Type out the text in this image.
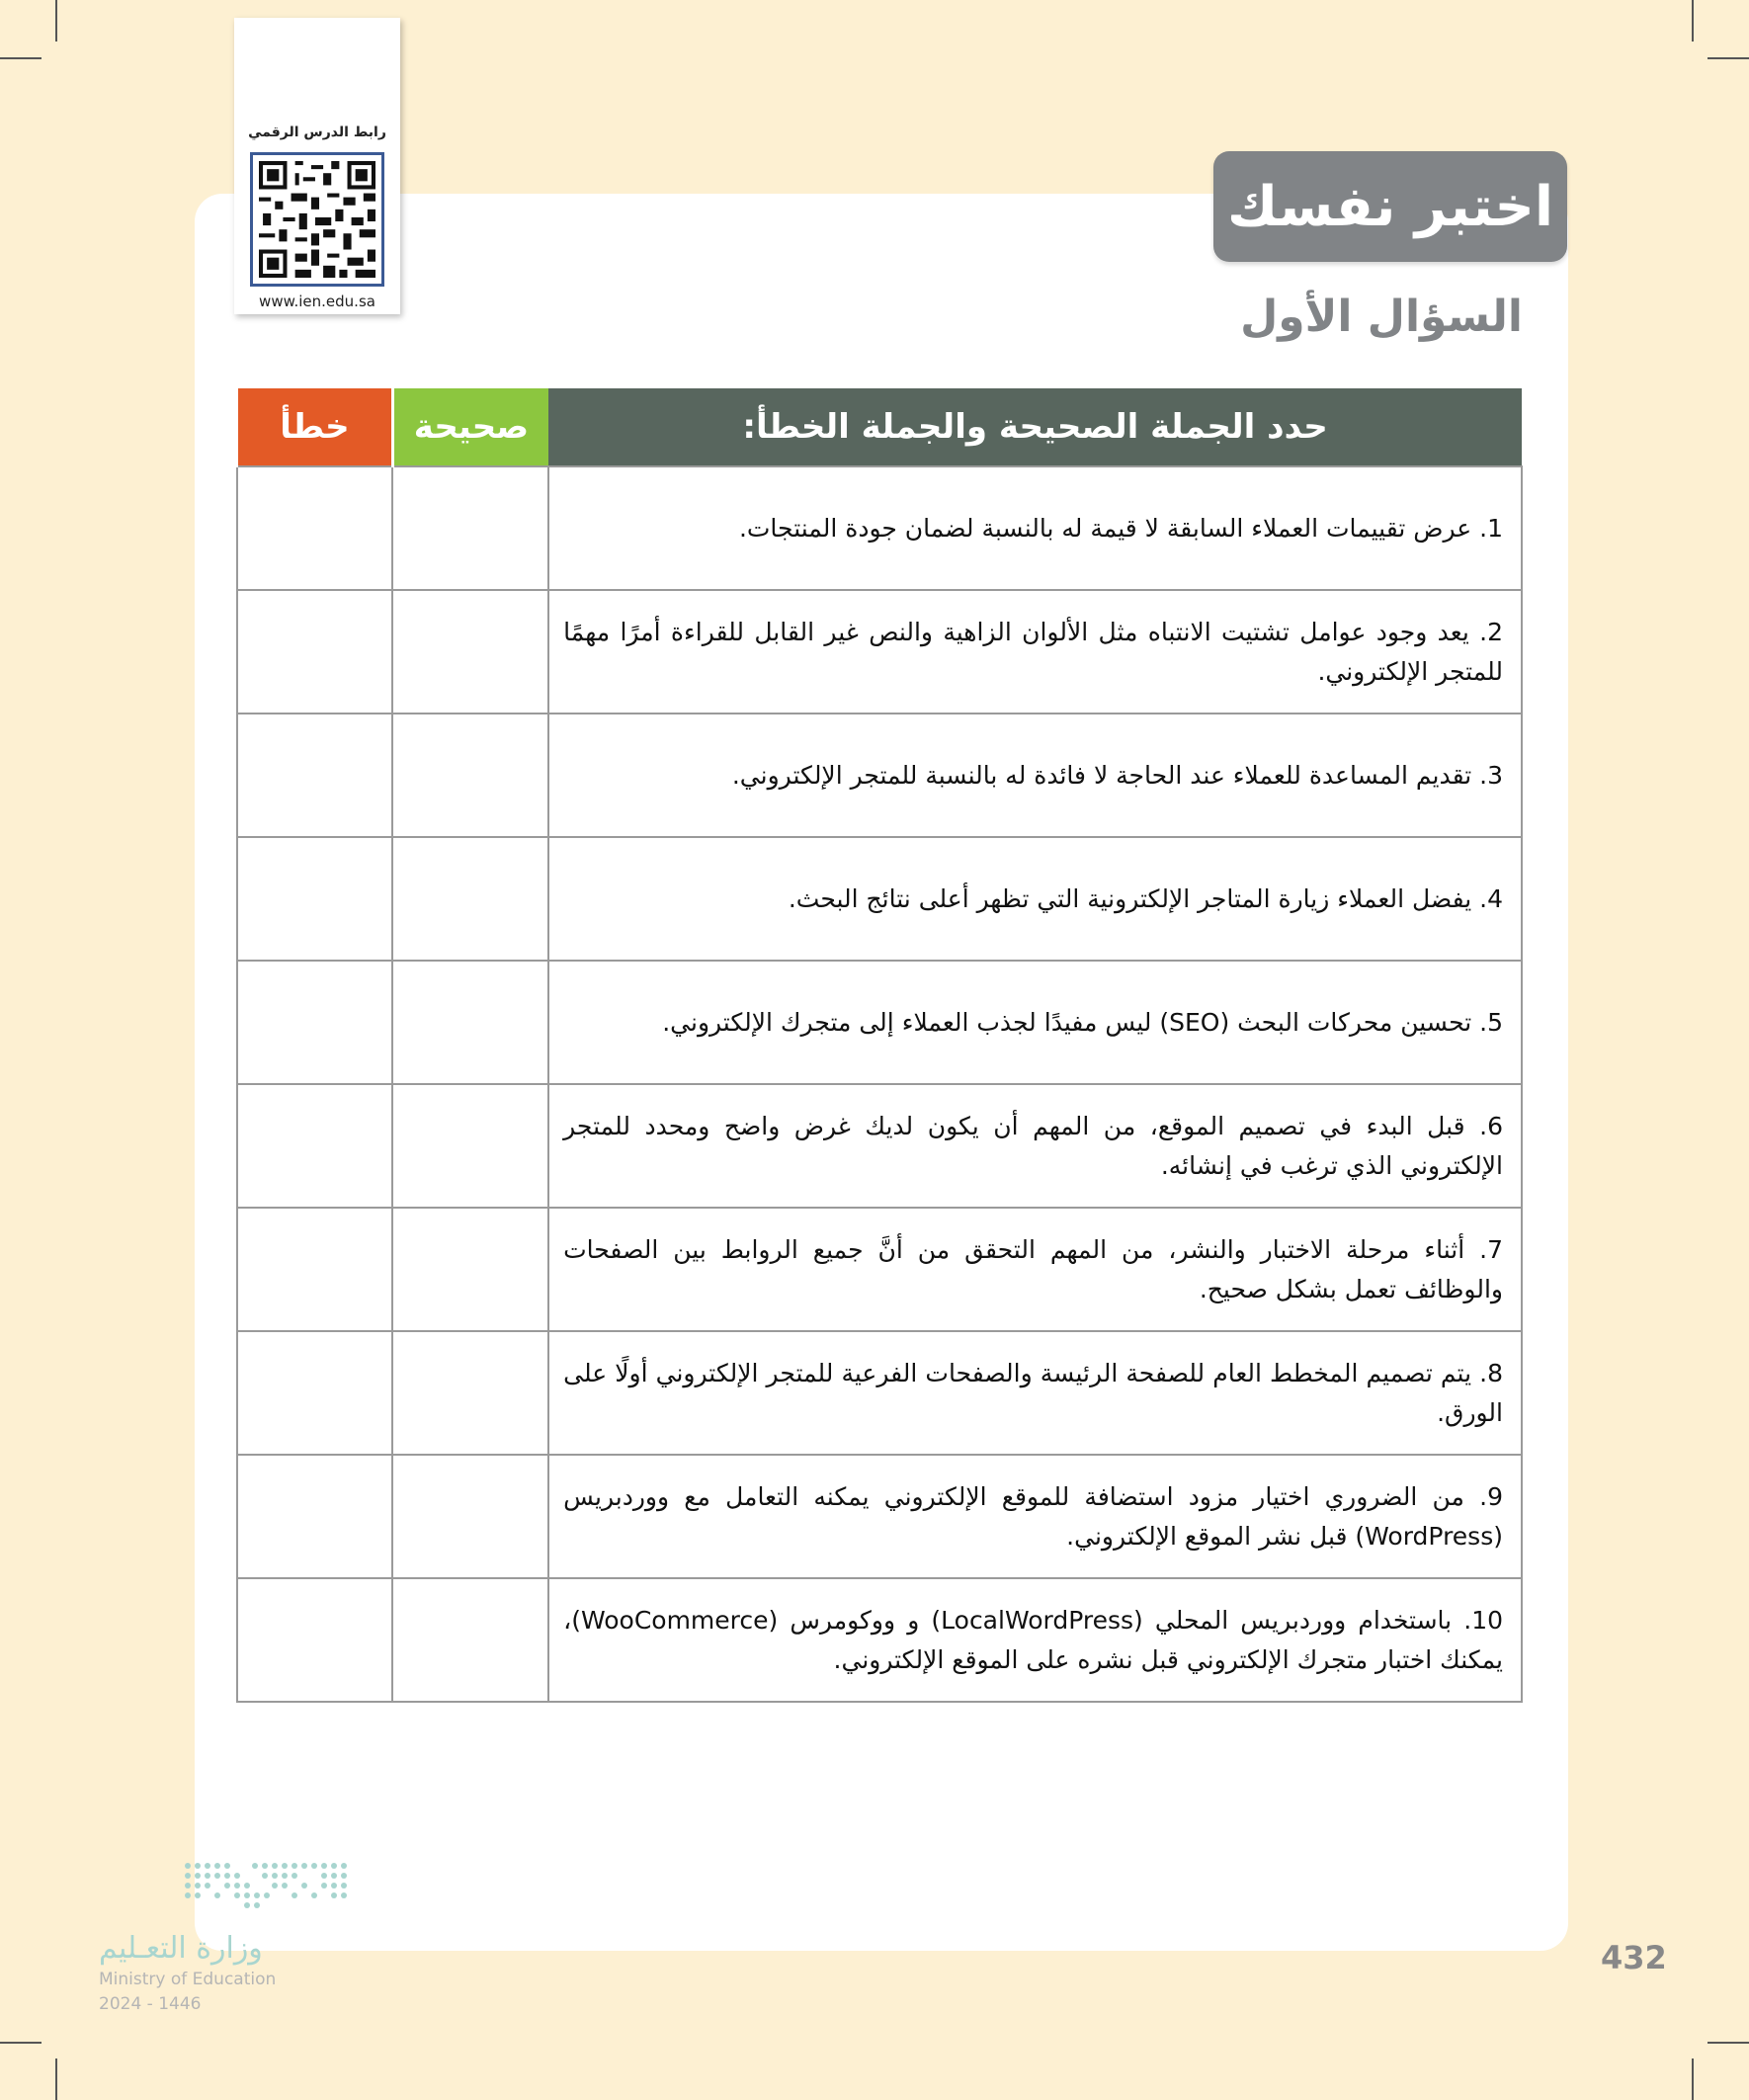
رابط الدرس الرقمي
www.ien.edu.sa
اختبر نفسك
السؤال الأول
حدد الجملة الصحيحة والجملة الخطأ:	صحيحة	خطأ
1. عرض تقييمات العملاء السابقة لا قيمة له بالنسبة لضمان جودة المنتجات.		
2. يعد وجود عوامل تشتيت الانتباه مثل الألوان الزاهية والنص غير القابل للقراءة أمرًا مهمًا للمتجر الإلكتروني.		
3. تقديم المساعدة للعملاء عند الحاجة لا فائدة له بالنسبة للمتجر الإلكتروني.		
4. يفضل العملاء زيارة المتاجر الإلكترونية التي تظهر أعلى نتائج البحث.		
5. تحسين محركات البحث (SEO) ليس مفيدًا لجذب العملاء إلى متجرك الإلكتروني.		
6. قبل البدء في تصميم الموقع، من المهم أن يكون لديك غرض واضح ومحدد للمتجر الإلكتروني الذي ترغب في إنشائه.		
7. أثناء مرحلة الاختبار والنشر، من المهم التحقق من أنَّ جميع الروابط بين الصفحات والوظائف تعمل بشكل صحيح.		
8. يتم تصميم المخطط العام للصفحة الرئيسة والصفحات الفرعية للمتجر الإلكتروني أولًا على الورق.		
9. من الضروري اختيار مزود استضافة للموقع الإلكتروني يمكنه التعامل مع ووردبريس (WordPress) قبل نشر الموقع الإلكتروني.		
10. باستخدام ووردبريس المحلي (LocalWordPress) و ووكومرس (WooCommerce)، يمكنك اختبار متجرك الإلكتروني قبل نشره على الموقع الإلكتروني.		
وزارة التعـليم
Ministry of Education
2024 - 1446
432
